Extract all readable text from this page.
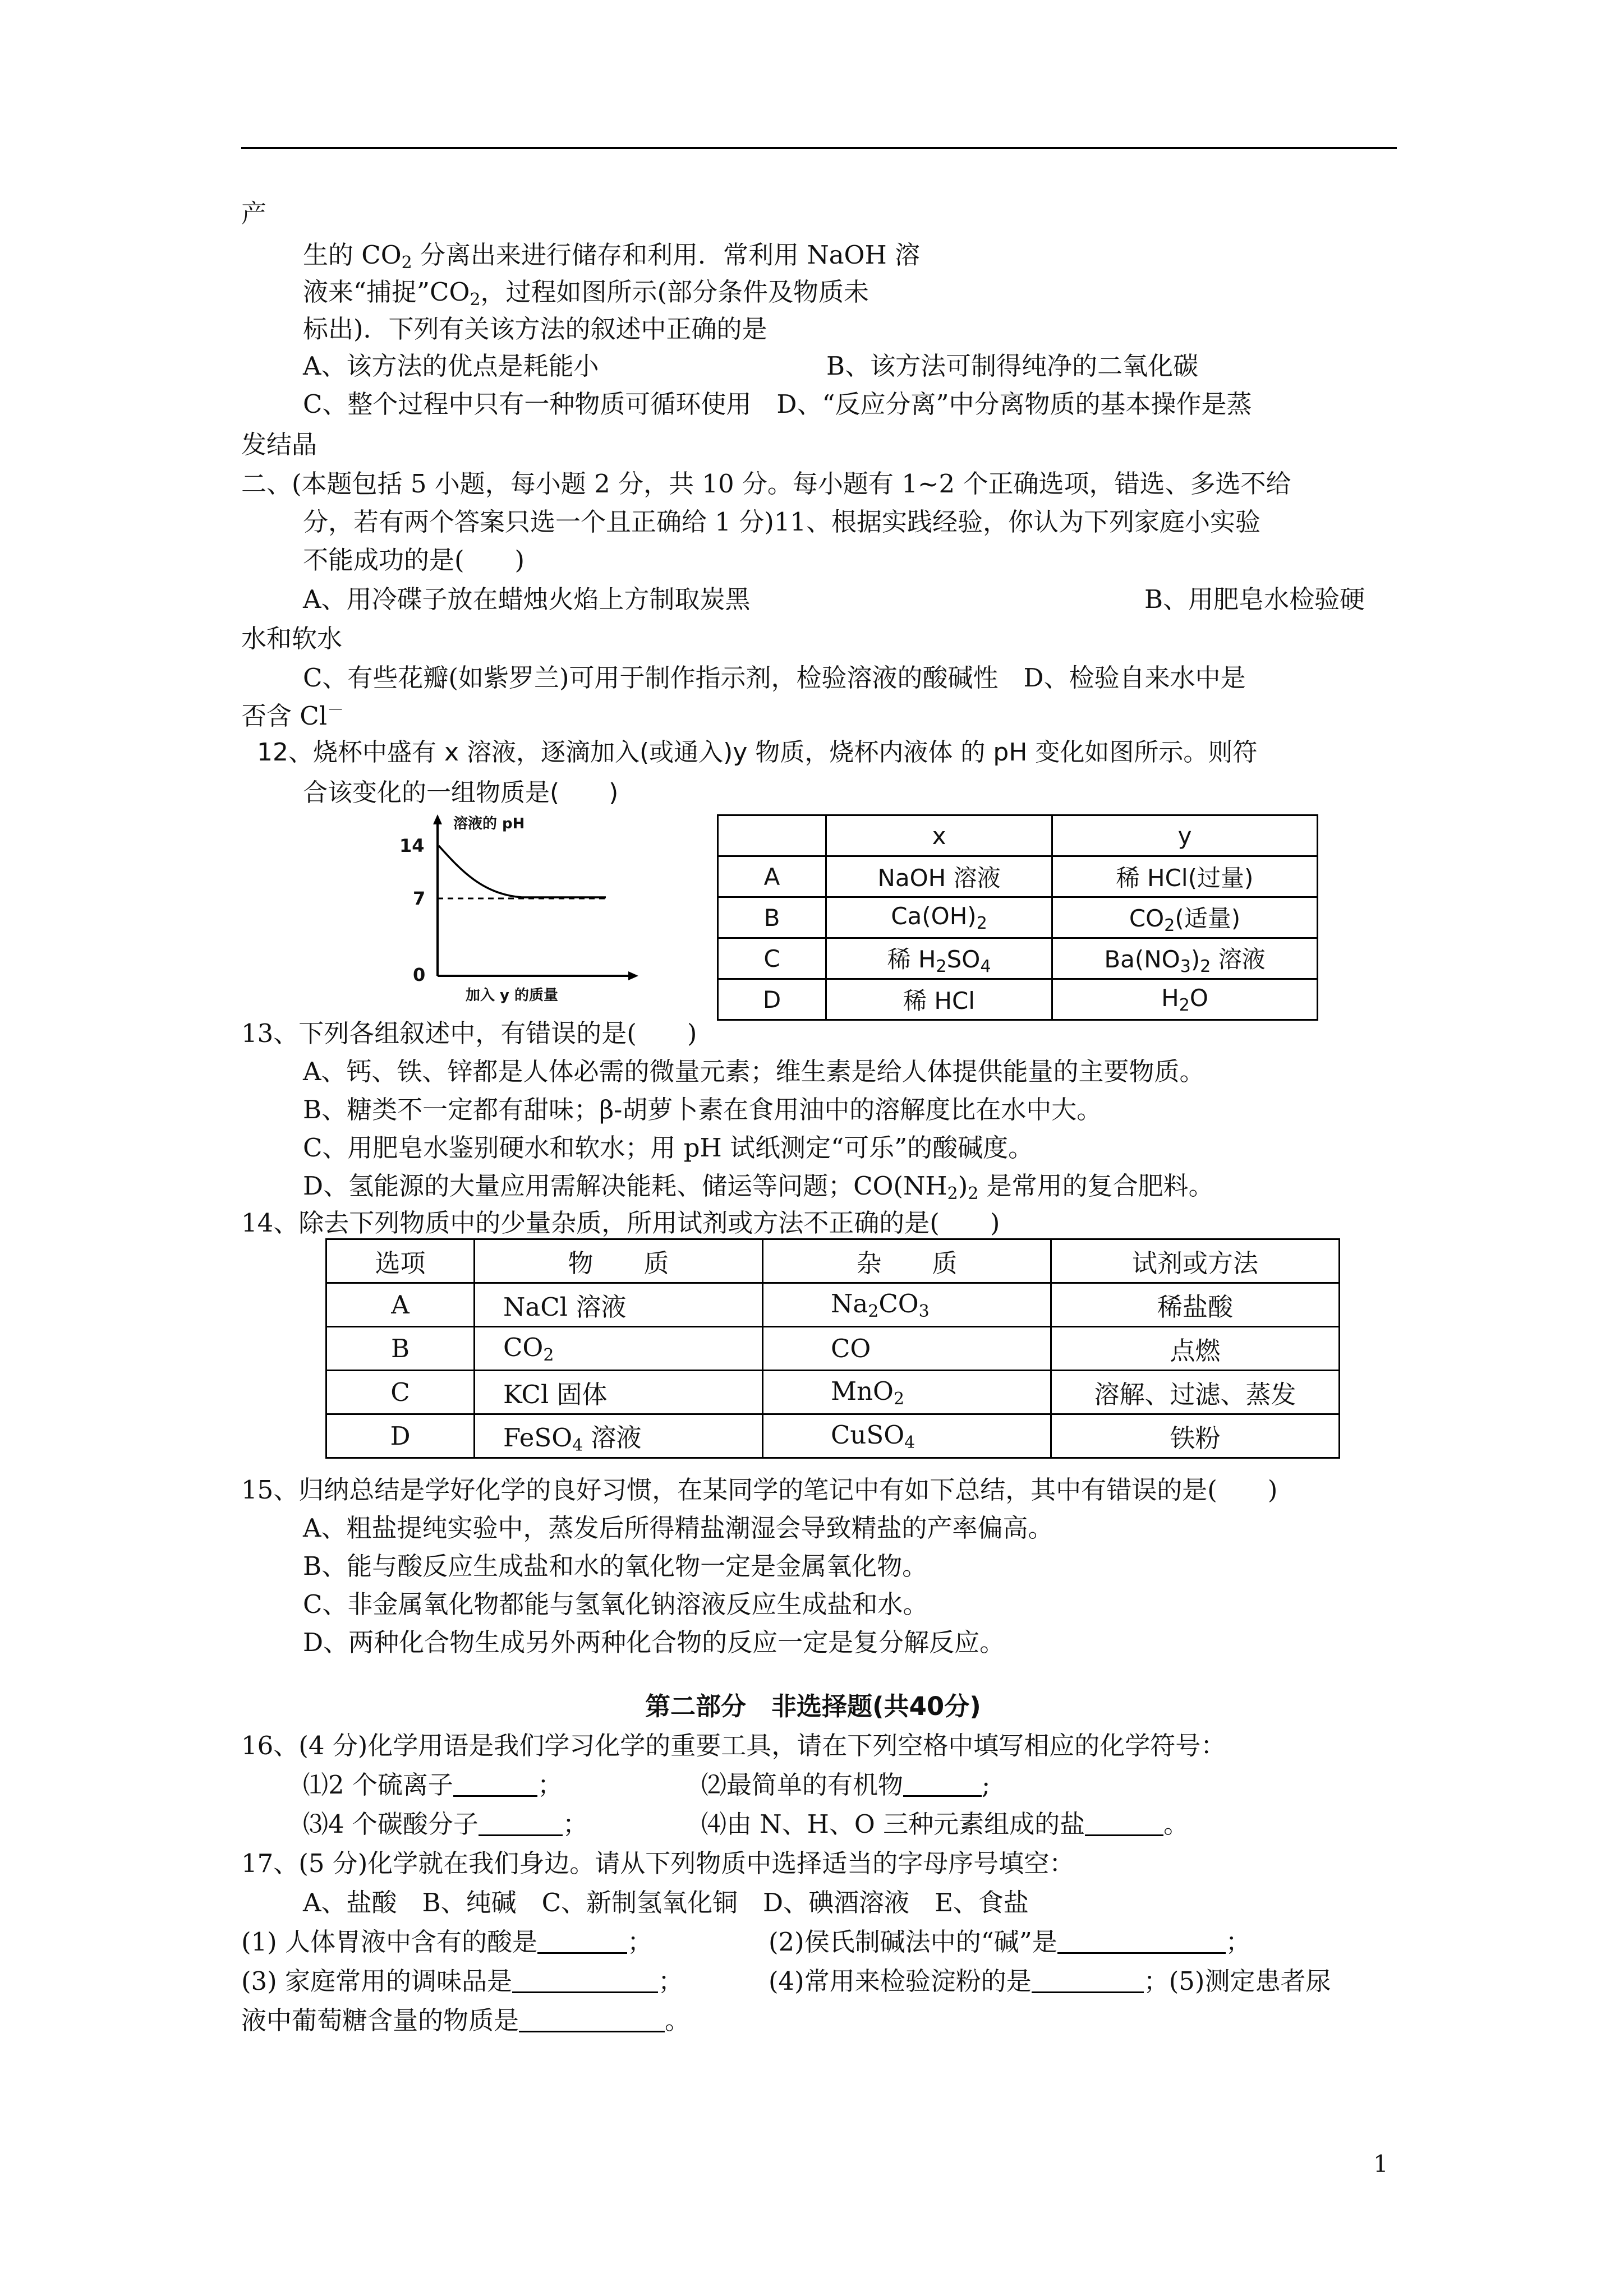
产
生的 $CO_2$ 分离出来进行储存和利用．常利用 NaOH 溶
液来“捕捉$”CO_2$，过程如图所示(部分条件及物质未
标出)．下列有关该方法的叙述中正确的是
A、该方法的优点是耗能小	B、该方法可制得纯净的二氧化碳
C、整个过程中只有一种物质可循环使用　D、“反应分离”中分离物质的基本操作是蒸
发结晶
二、(本题包括 5 小题，每小题 2 分，共 10 分。每小题有 1~2 个正确选项，错选、多选不给
分，若有两个答案只选一个且正确给 1 分)11、根据实践经验，你认为下列家庭小实验
不能成功的是(　　)
A、用冷碟子放在蜡烛火焰上方制取炭黑	B、用肥皂水检验硬
水和软水
C、有些花瓣(如紫罗兰)可用于制作指示剂，检验溶液的酸碱性　D、检验自来水中是
否含 Cl－
12、烧杯中盛有 x 溶液，逐滴加入(或通入)y 物质，烧杯内液体 的 pH 变化如图所示。则符
合该变化的一组物质是(　　)
溶液的 pH
14
7
0
加入 y 的质量
	x	y
A	NaOH 溶液	稀 HCl(过量)
B	$Ca(OH)_2$	$CO_2$(适量)
C	稀 $H_2SO_4$	$Ba(NO_3)_2$ 溶液
D	稀 HCl	$H_2O$
13、下列各组叙述中，有错误的是(　　)
A、钙、铁、锌都是人体必需的微量元素；维生素是给人体提供能量的主要物质。
B、糖类不一定都有甜味；β-胡萝卜素在食用油中的溶解度比在水中大。
C、用肥皂水鉴别硬水和软水；用 pH 试纸测定“可乐”的酸碱度。
D、氢能源的大量应用需解决能耗、储运等问题；$CO(NH_2)_2$ 是常用的复合肥料。
14、除去下列物质中的少量杂质，所用试剂或方法不正确的是(　　)
选项	物　　质	杂　　质	试剂或方法
A	NaCl 溶液	$Na_2CO_3$	稀盐酸
B	$CO_2$	CO	点燃
C	KCl 固体	MnO$_2$	溶解、过滤、蒸发
D	FeSO$_4$ 溶液	CuSO$_4$	铁粉
15、归纳总结是学好化学的良好习惯，在某同学的笔记中有如下总结，其中有错误的是(　　)
A、粗盐提纯实验中，蒸发后所得精盐潮湿会导致精盐的产率偏高。
B、能与酸反应生成盐和水的氧化物一定是金属氧化物。
C、非金属氧化物都能与氢氧化钠溶液反应生成盐和水。
D、两种化合物生成另外两种化合物的反应一定是复分解反应。
第二部分　非选择题(共40分)
16、(4 分)化学用语是我们学习化学的重要工具，请在下列空格中填写相应的化学符号：
⑴2 个硫离子	；	⑵最简单的有机物	;
⑶4 个碳酸分子	；	⑷由 N、H、O 三种元素组成的盐	。
17、(5 分)化学就在我们身边。请从下列物质中选择适当的字母序号填空：
A、盐酸　B、纯碱　C、新制氢氧化铜　D、碘酒溶液　E、食盐
(1) 人体胃液中含有的酸是	；	(2)侯氏制碱法中的“碱”是	；
(3) 家庭常用的调味品是	；	(4)常用来检验淀粉的是	；(5)测定患者尿
液中葡萄糖含量的物质是	。
1
